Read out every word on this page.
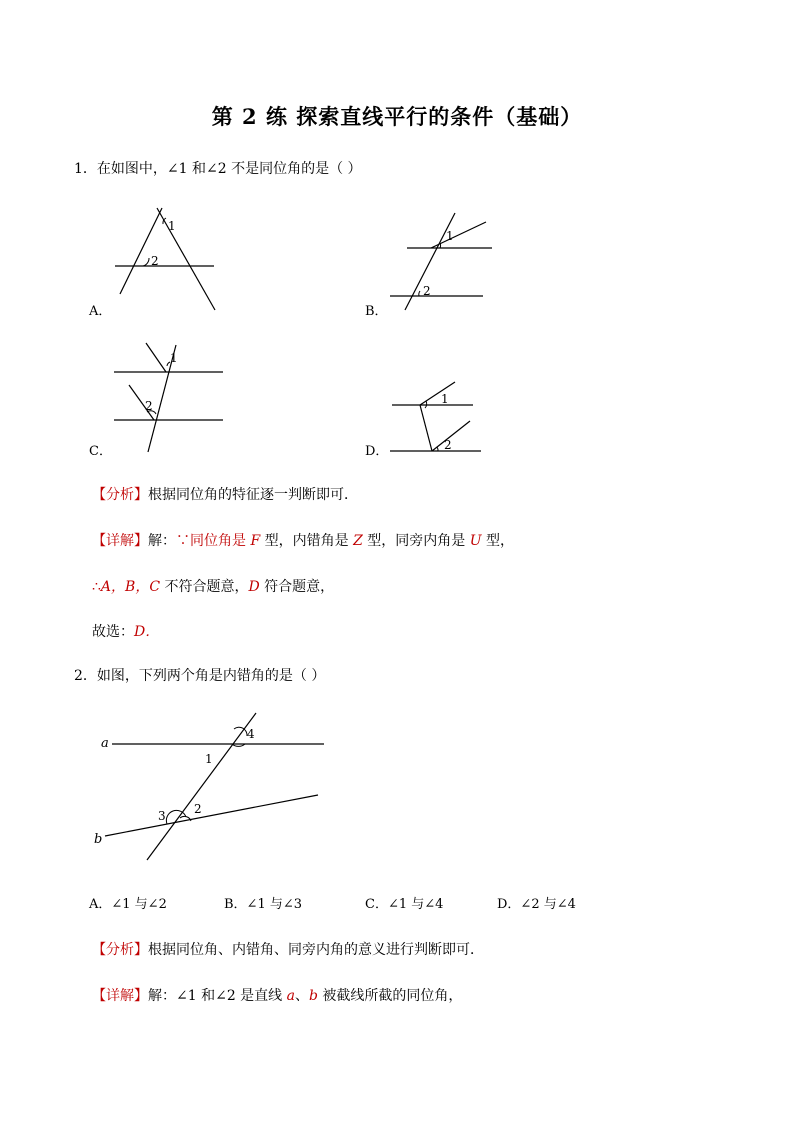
第 2 练 探索直线平行的条件（基础）
1．在如图中，∠1 和∠2 不是同位角的是（ ）
1
2
A．
1
2
B．
1
2
C．
1
2
D．
【分析】根据同位角的特征逐一判断即可．
【详解】解：∵同位角是 F 型，内错角是 Z 型，同旁内角是 U 型，
∴A，B，C 不符合题意，D 符合题意，
故选：D．
2．如图，下列两个角是内错角的是（ ）
a
b
1
2
3
4
A．∠1 与∠2	B．∠1 与∠3	C．∠1 与∠4	D．∠2 与∠4
【分析】根据同位角、内错角、同旁内角的意义进行判断即可．
【详解】解：∠1 和∠2 是直线 a、b 被截线所截的同位角，
